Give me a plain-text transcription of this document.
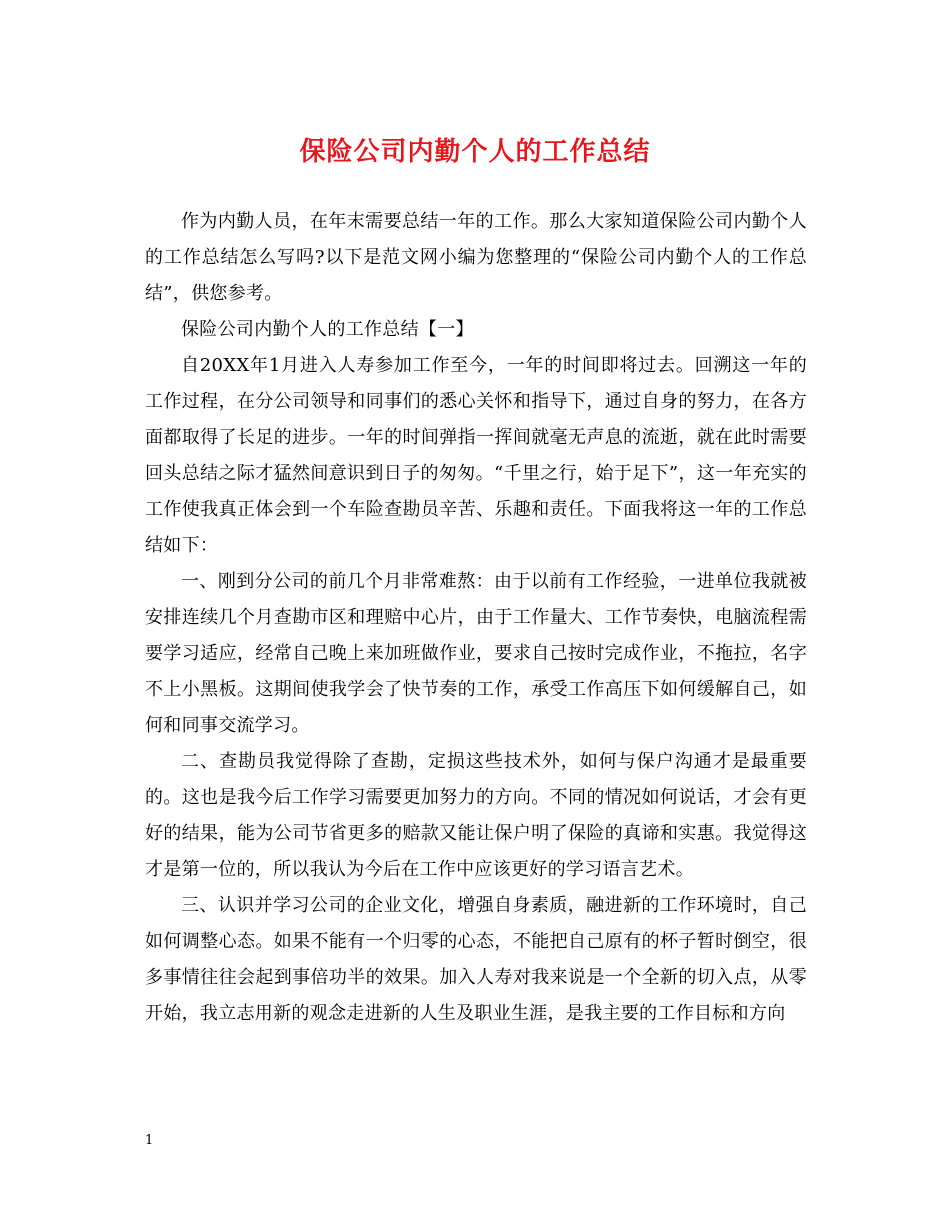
保险公司内勤个人的工作总结

作为内勤人员，在年末需要总结一年的工作。那么大家知道保险公司内勤个人的工作总结怎么写吗?以下是范文网小编为您整理的“保险公司内勤个人的工作总结”，供您参考。

保险公司内勤个人的工作总结【一】

自20XX年1月进入人寿参加工作至今，一年的时间即将过去。回溯这一年的工作过程，在分公司领导和同事们的悉心关怀和指导下，通过自身的努力，在各方面都取得了长足的进步。一年的时间弹指一挥间就毫无声息的流逝，就在此时需要回头总结之际才猛然间意识到日子的匆匆。“千里之行，始于足下”，这一年充实的工作使我真正体会到一个车险查勘员辛苦、乐趣和责任。下面我将这一年的工作总结如下：

一、刚到分公司的前几个月非常难熬：由于以前有工作经验，一进单位我就被安排连续几个月查勘市区和理赔中心片，由于工作量大、工作节奏快，电脑流程需要学习适应，经常自己晚上来加班做作业，要求自己按时完成作业，不拖拉，名字不上小黑板。这期间使我学会了快节奏的工作，承受工作高压下如何缓解自己，如何和同事交流学习。

二、查勘员我觉得除了查勘，定损这些技术外，如何与保户沟通才是最重要的。这也是我今后工作学习需要更加努力的方向。不同的情况如何说话，才会有更好的结果，能为公司节省更多的赔款又能让保户明了保险的真谛和实惠。我觉得这才是第一位的，所以我认为今后在工作中应该更好的学习语言艺术。

三、认识并学习公司的企业文化，增强自身素质，融进新的工作环境时，自己如何调整心态。如果不能有一个归零的心态，不能把自己原有的杯子暂时倒空，很多事情往往会起到事倍功半的效果。加入人寿对我来说是一个全新的切入点，从零开始，我立志用新的观念走进新的人生及职业生涯，是我主要的工作目标和方向

1
